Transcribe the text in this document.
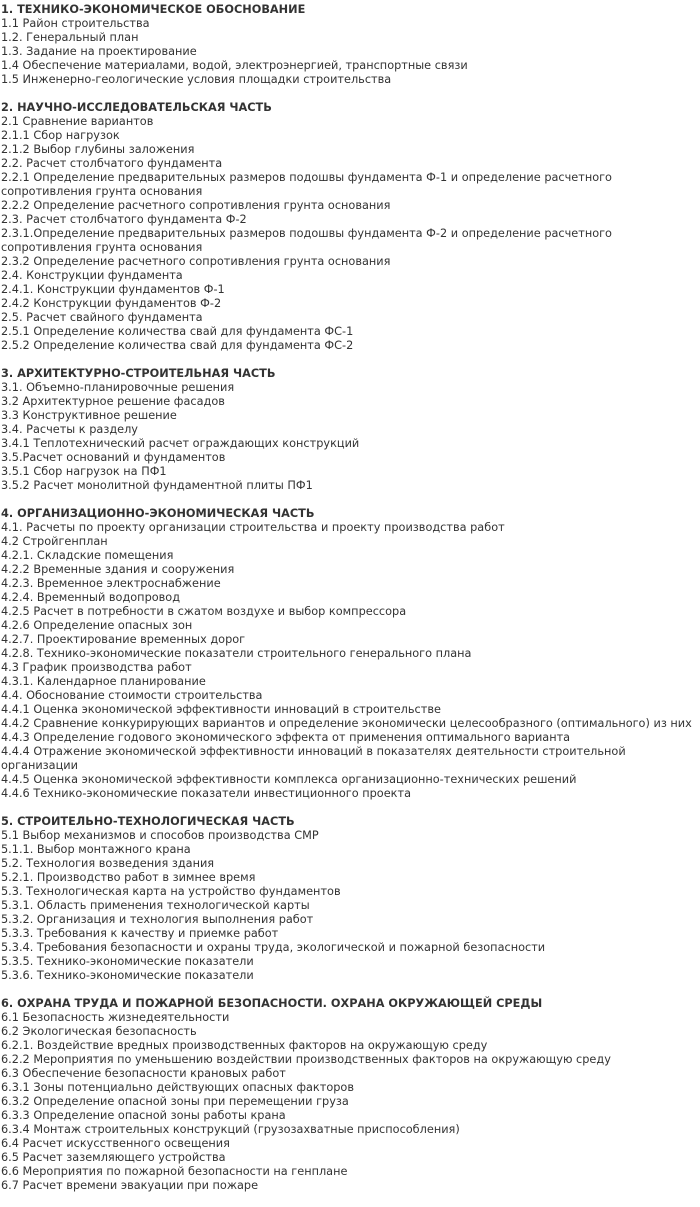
1. ТЕХНИКО-ЭКОНОМИЧЕСКОЕ ОБОСНОВАНИЕ
1.1 Район строительства
1.2. Генеральный план
1.3. Задание на проектирование
1.4 Обеспечение материалами, водой, электроэнергией, транспортные связи
1.5 Инженерно-геологические условия площадки строительства
2. НАУЧНО-ИССЛЕДОВАТЕЛЬСКАЯ ЧАСТЬ
2.1 Сравнение вариантов
2.1.1 Сбор нагрузок
2.1.2 Выбор глубины заложения
2.2. Расчет столбчатого фундамента
2.2.1 Определение предварительных размеров подошвы фундамента Ф-1 и определение расчетного сопротивления грунта основания
2.2.2 Определение расчетного сопротивления грунта основания
2.3. Расчет столбчатого фундамента Ф-2
2.3.1.Определение предварительных размеров подошвы фундамента Ф-2 и определение расчетного сопротивления грунта основания
2.3.2 Определение расчетного сопротивления грунта основания
2.4. Конструкции фундамента
2.4.1. Конструкции фундаментов Ф-1
2.4.2 Конструкции фундаментов Ф-2
2.5. Расчет свайного фундамента
2.5.1 Определение количества свай для фундамента ФС-1
2.5.2 Определение количества свай для фундамента ФС-2
3. АРХИТЕКТУРНО-СТРОИТЕЛЬНАЯ ЧАСТЬ
3.1. Объемно-планировочные решения
3.2 Архитектурное решение фасадов
3.3 Конструктивное решение
3.4. Расчеты к разделу
3.4.1 Теплотехнический расчет ограждающих конструкций
3.5.Расчет оснований и фундаментов
3.5.1 Сбор нагрузок на ПФ1
3.5.2 Расчет монолитной фундаментной плиты ПФ1
4. ОРГАНИЗАЦИОННО-ЭКОНОМИЧЕСКАЯ ЧАСТЬ
4.1. Расчеты по проекту организации строительства и проекту производства работ
4.2 Стройгенплан
4.2.1. Складские помещения
4.2.2 Временные здания и сооружения
4.2.3. Временное электроснабжение
4.2.4. Временный водопровод
4.2.5 Расчет в потребности в сжатом воздухе и выбор компрессора
4.2.6 Определение опасных зон
4.2.7. Проектирование временных дорог
4.2.8. Технико-экономические показатели строительного генерального плана
4.3 График производства работ
4.3.1. Календарное планирование
4.4. Обоснование стоимости строительства
4.4.1 Оценка экономической эффективности инноваций в строительстве
4.4.2 Сравнение конкурирующих вариантов и определение экономически целесообразного (оптимального) из них
4.4.3 Определение годового экономического эффекта от применения оптимального варианта
4.4.4 Отражение экономической эффективности инноваций в показателях деятельности строительной организации
4.4.5 Оценка экономической эффективности комплекса организационно-технических решений
4.4.6 Технико-экономические показатели инвестиционного проекта
5. СТРОИТЕЛЬНО-ТЕХНОЛОГИЧЕСКАЯ ЧАСТЬ
5.1 Выбор механизмов и способов производства СМР
5.1.1. Выбор монтажного крана
5.2. Технология возведения здания
5.2.1. Производство работ в зимнее время
5.3. Технологическая карта на устройство фундаментов
5.3.1. Область применения технологической карты
5.3.2. Организация и технология выполнения работ
5.3.3. Требования к качеству и приемке работ
5.3.4. Требования безопасности и охраны труда, экологической и пожарной безопасности
5.3.5. Технико-экономические показатели
5.3.6. Технико-экономические показатели
6. ОХРАНА ТРУДА И ПОЖАРНОЙ БЕЗОПАСНОСТИ. ОХРАНА ОКРУЖАЮЩЕЙ СРЕДЫ
6.1 Безопасность жизнедеятельности
6.2 Экологическая безопасность
6.2.1. Воздействие вредных производственных факторов на окружающую среду
6.2.2 Мероприятия по уменьшению воздействии производственных факторов на окружающую среду
6.3 Обеспечение безопасности крановых работ
6.3.1 Зоны потенциально действующих опасных факторов
6.3.2 Определение опасной зоны при перемещении груза
6.3.3 Определение опасной зоны работы крана
6.3.4 Монтаж строительных конструкций (грузозахватные приспособления)
6.4 Расчет искусственного освещения
6.5 Расчет заземляющего устройства
6.6 Мероприятия по пожарной безопасности на генплане
6.7 Расчет времени эвакуации при пожаре
